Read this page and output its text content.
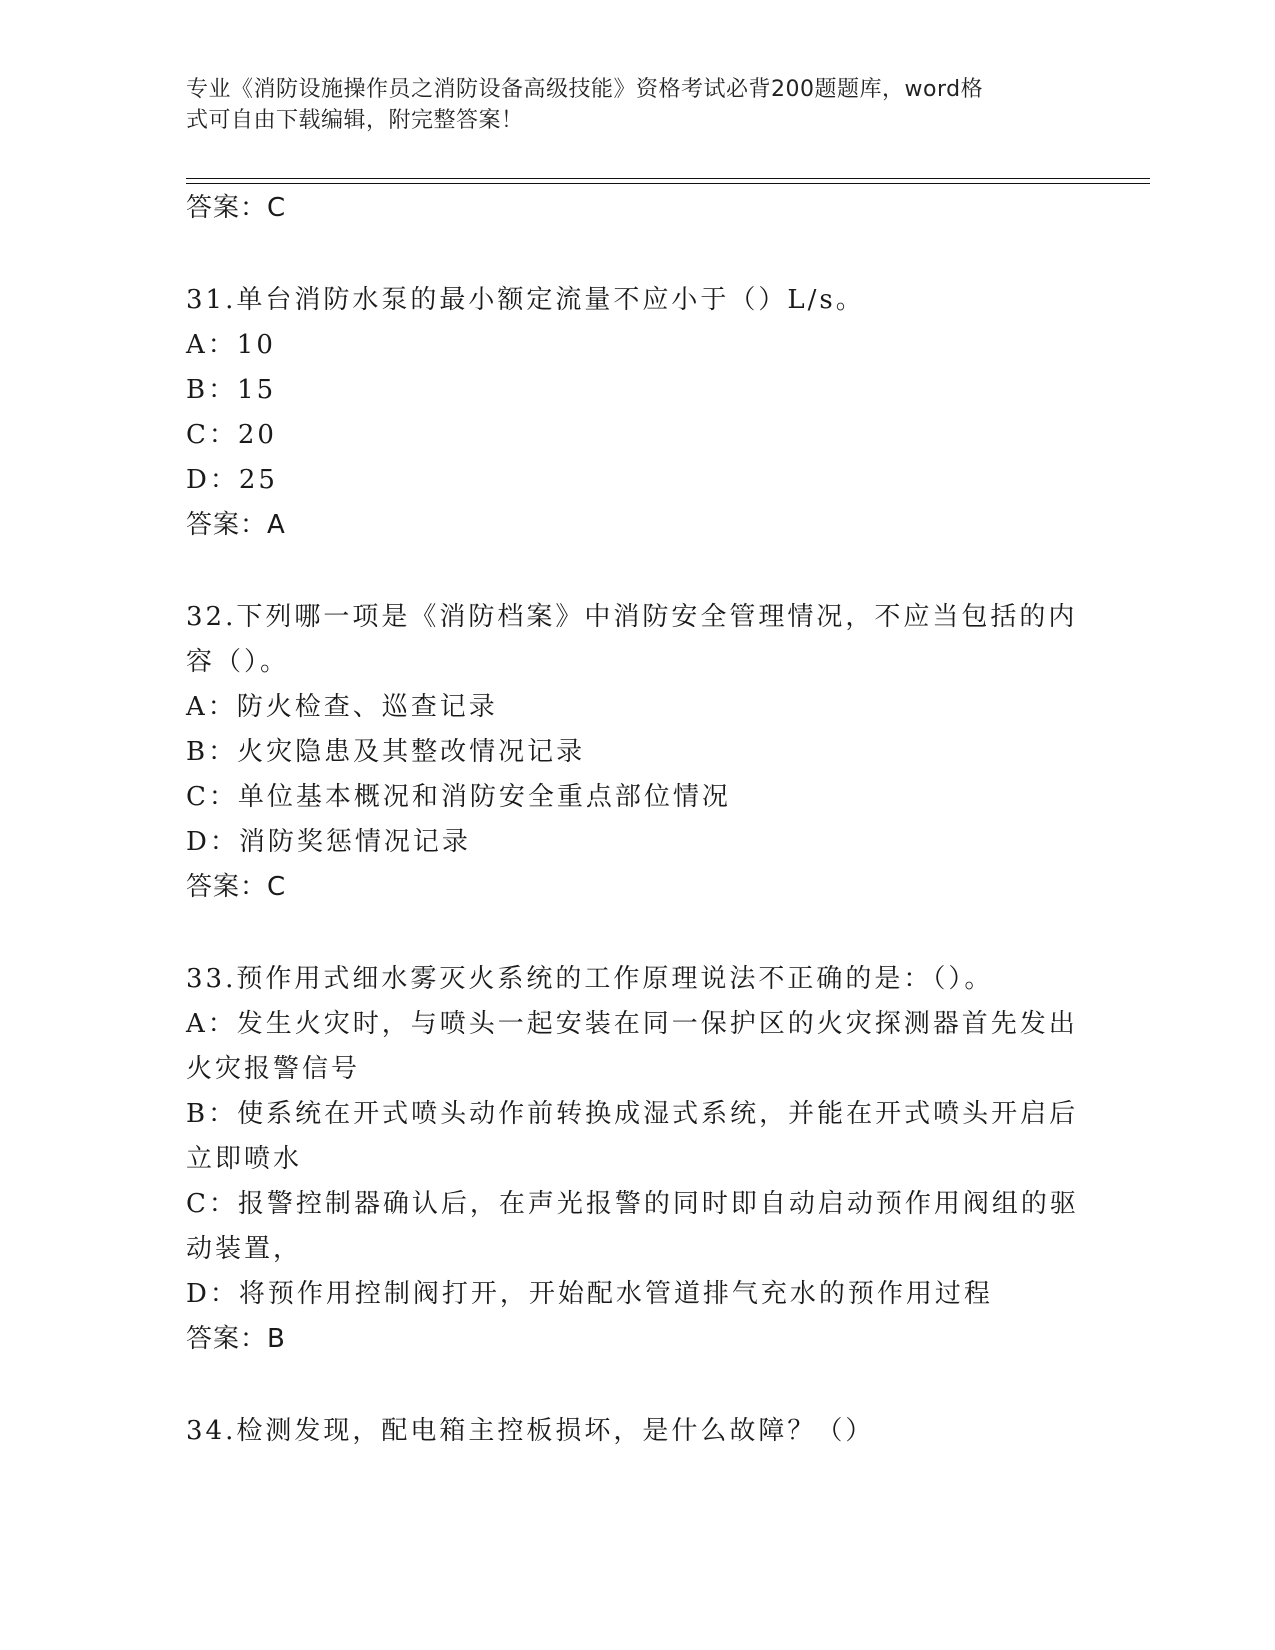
专业《消防设施操作员之消防设备高级技能》资格考试必背200题题库，word格
式可自由下载编辑，附完整答案！
答案：C
31.单台消防水泵的最小额定流量不应小于（）L/s。
A：10
B：15
C：20
D：25
答案：A
32.下列哪一项是《消防档案》中消防安全管理情况，不应当包括的内
容（）。
A：防火检查、巡查记录
B：火灾隐患及其整改情况记录
C：单位基本概况和消防安全重点部位情况
D：消防奖惩情况记录
答案：C
33.预作用式细水雾灭火系统的工作原理说法不正确的是：（）。
A：发生火灾时，与喷头一起安装在同一保护区的火灾探测器首先发出
火灾报警信号
B：使系统在开式喷头动作前转换成湿式系统，并能在开式喷头开启后
立即喷水
C：报警控制器确认后，在声光报警的同时即自动启动预作用阀组的驱
动装置，
D：将预作用控制阀打开，开始配水管道排气充水的预作用过程
答案：B
34.检测发现，配电箱主控板损坏，是什么故障？（）
